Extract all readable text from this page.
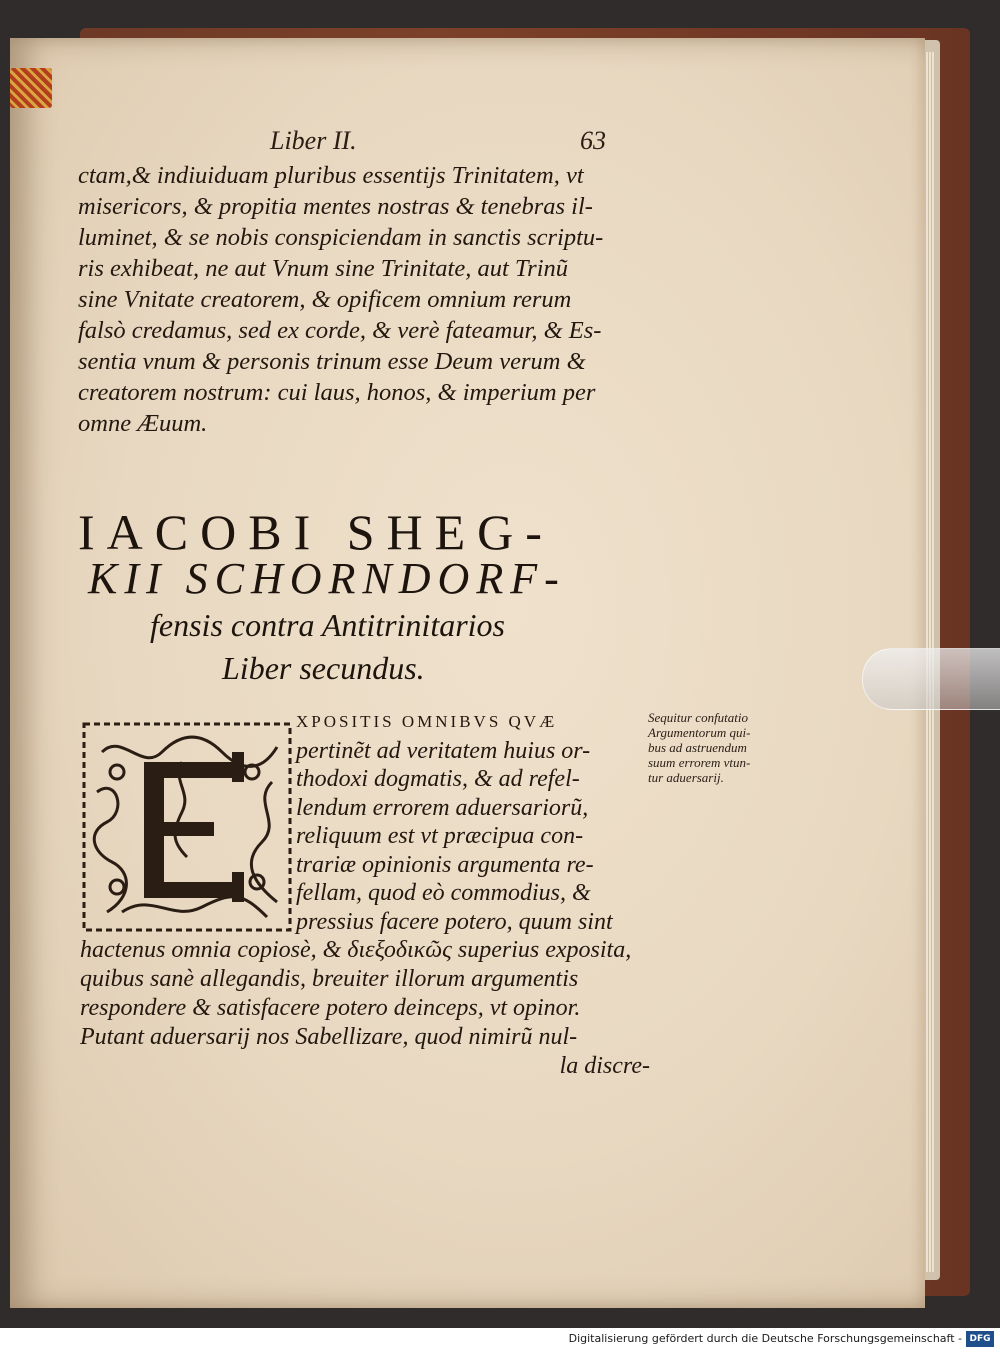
Liber II.	63
ctam,& indiuiduam pluribus essentijs Trinitatem, vt
misericors, & propitia mentes nostras & tenebras il-
luminet, & se nobis conspiciendam in sanctis scriptu-
ris exhibeat, ne aut Vnum sine Trinitate, aut Trinũ
sine Vnitate creatorem, & opificem omnium rerum
falsò credamus, sed ex corde, & verè fateamur, & Es-
sentia vnum & personis trinum esse Deum verum &
creatorem nostrum: cui laus, honos, & imperium per
omne Æuum.
IACOBI SHEG-
KII SCHORNDORF-
fensis contra Antitrinitarios
Liber secundus.
E
XPOSITIS OMNIBVS QVÆ
pertinẽt ad veritatem huius or-
thodoxi dogmatis, & ad refel-
lendum errorem aduersariorũ,
reliquum est vt præcipua con-
trariæ opinionis argumenta re-
fellam, quod eò commodius, &
pressius facere potero, quum sint
hactenus omnia copiosè, & διεξοδικῶς superius exposita,
quibus sanè allegandis, breuiter illorum argumentis
respondere & satisfacere potero deinceps, vt opinor.
Putant aduersarij nos Sabellizare, quod nimirũ nul-
la discre-
Sequitur confutatio
Argumentorum qui-
bus ad astruendum
suum errorem vtun-
tur aduersarij.
Digitalisierung gefördert durch die Deutsche Forschungsgemeinschaft - DFG
